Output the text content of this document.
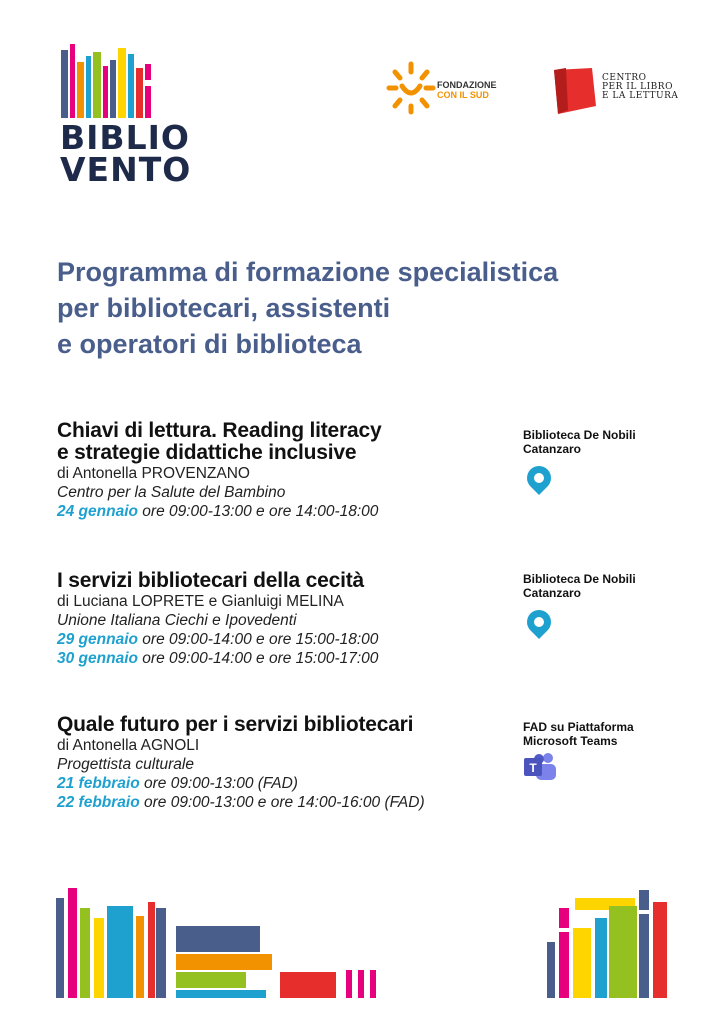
BIBLIO
VENTO
FONDAZIONE
CON IL SUD
CENTRO
PER IL LIBRO
E LA LETTURA
Programma di formazione specialistica
per bibliotecari, assistenti
e operatori di biblioteca
Chiavi di lettura. Reading literacy
e strategie didattiche inclusive
di Antonella PROVENZANO
Centro per la Salute del Bambino
24 gennaio ore 09:00-13:00 e ore 14:00-18:00
Biblioteca De Nobili
Catanzaro
I servizi bibliotecari della cecità
di Luciana LOPRETE e Gianluigi MELINA
Unione Italiana Ciechi e Ipovedenti
29 gennaio ore 09:00-14:00 e ore 15:00-18:00
30 gennaio ore 09:00-14:00 e ore 15:00-17:00
Biblioteca De Nobili
Catanzaro
Quale futuro per i servizi bibliotecari
di Antonella AGNOLI
Progettista culturale
21 febbraio ore 09:00-13:00 (FAD)
22 febbraio ore 09:00-13:00 e ore 14:00-16:00 (FAD)
FAD su Piattaforma
Microsoft Teams
T
